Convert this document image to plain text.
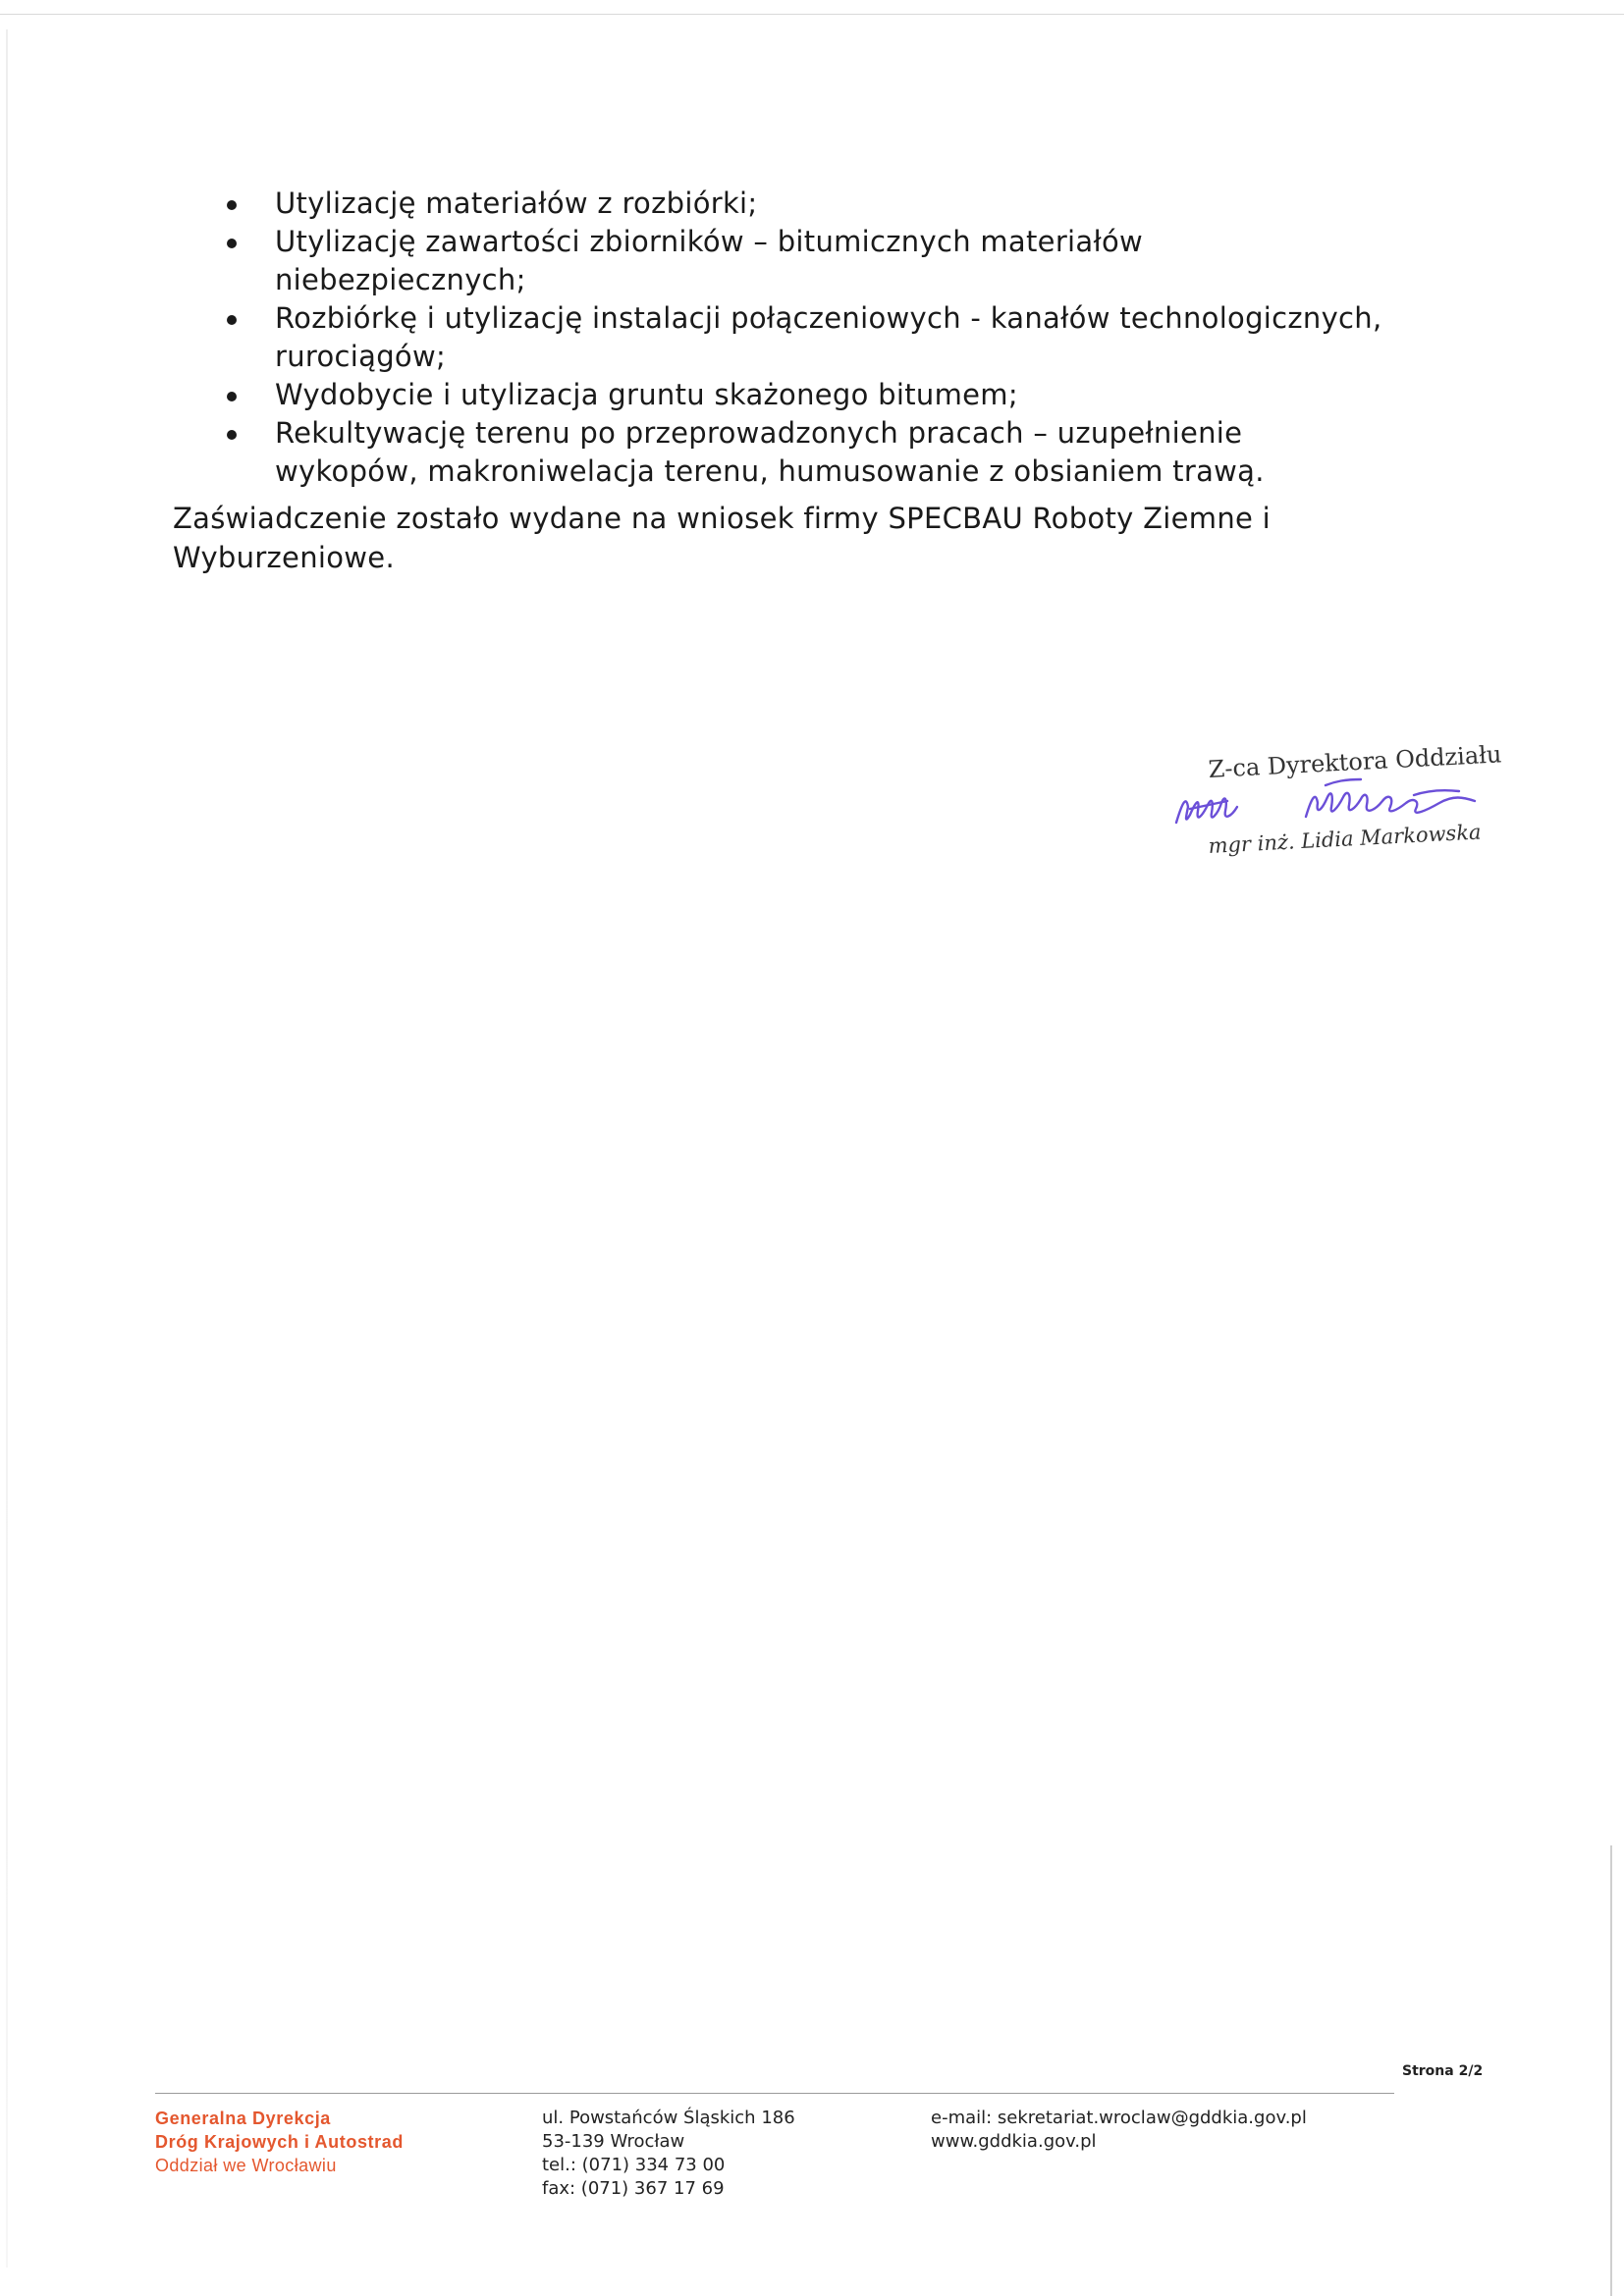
Utylizację materiałów z rozbiórki;
Utylizację zawartości zbiorników – bitumicznych materiałów niebezpiecznych;
Rozbiórkę i utylizację instalacji połączeniowych - kanałów technologicznych, rurociągów;
Wydobycie i utylizacja gruntu skażonego bitumem;
Rekultywację terenu po przeprowadzonych pracach – uzupełnienie wykopów, makroniwelacja terenu, humusowanie z obsianiem trawą.

Zaświadczenie zostało wydane na wniosek firmy SPECBAU Roboty Ziemne i Wyburzeniowe.

Z-ca Dyrektora Oddziału
mgr inż. Lidia Markowska
Strona 2/2
Generalna Dyrekcja
Dróg Krajowych i Autostrad
Oddział we Wrocławiu
ul. Powstańców Śląskich 186
53-139 Wrocław
tel.: (071) 334 73 00
fax: (071) 367 17 69
e-mail: sekretariat.wroclaw@gddkia.gov.pl
www.gddkia.gov.pl
